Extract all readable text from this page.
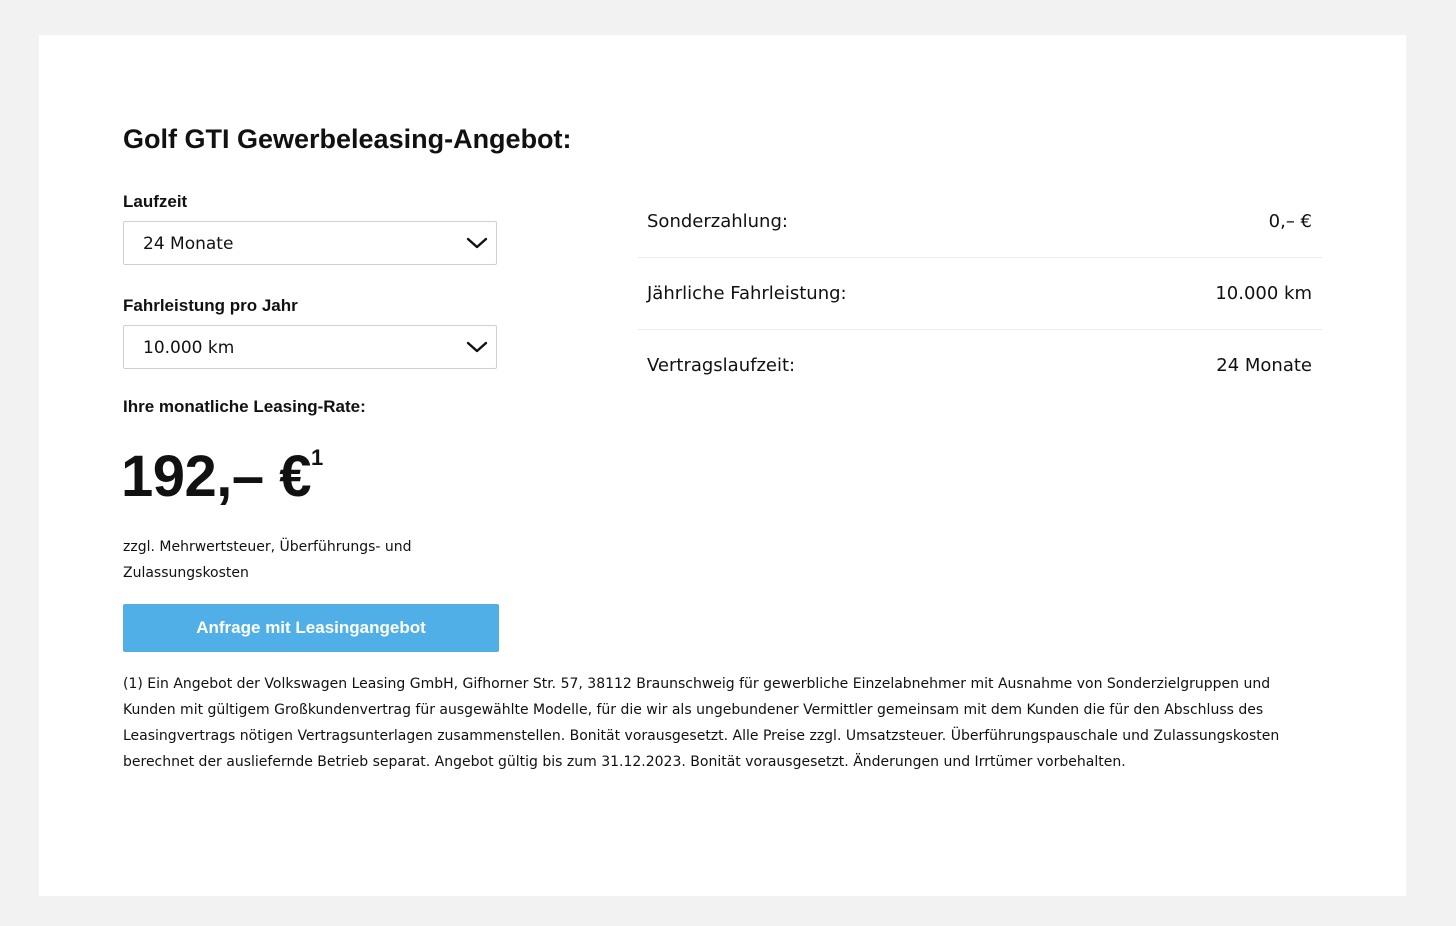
Golf GTI Gewerbeleasing-Angebot:
Laufzeit
24 Monate
Fahrleistung pro Jahr
10.000 km
Ihre monatliche Leasing-Rate:
192,– € 1
zzgl. Mehrwertsteuer, Überführungs- und Zulassungskosten
Anfrage mit Leasingangebot

(1) Ein Angebot der Volkswagen Leasing GmbH, Gifhorner Str. 57, 38112 Braunschweig für gewerbliche Einzelabnehmer mit Ausnahme von Sonderzielgruppen und Kunden mit gültigem Großkundenvertrag für ausgewählte Modelle, für die wir als ungebundener Vermittler gemeinsam mit dem Kunden die für den Abschluss des Leasingvertrags nötigen Vertragsunterlagen zusammenstellen. Bonität vorausgesetzt. Alle Preise zzgl. Umsatzsteuer. Überführungspauschale und Zulassungskosten berechnet der ausliefernde Betrieb separat. Angebot gültig bis zum 31.12.2023. Bonität vorausgesetzt. Änderungen und Irrtümer vorbehalten.

Sonderzahlung:	0,– €
Jährliche Fahrleistung:	10.000 km
Vertragslaufzeit:	24 Monate
